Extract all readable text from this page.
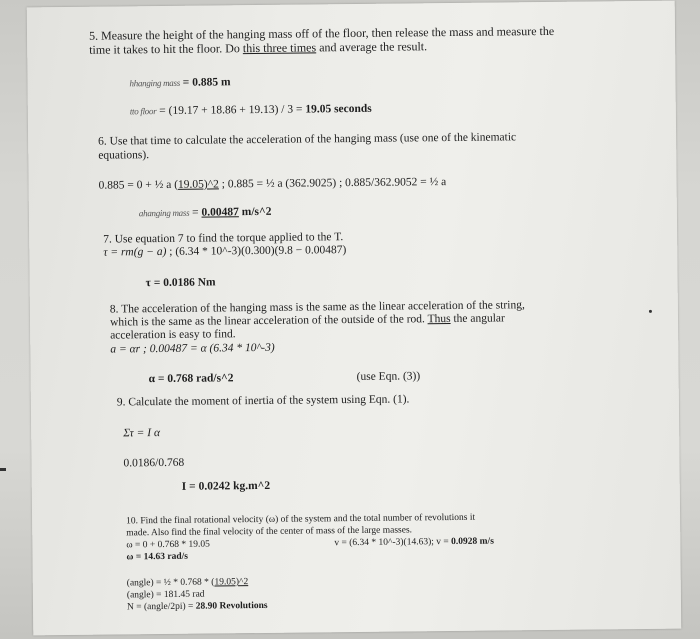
5. Measure the height of the hanging mass off of the floor, then release the mass and measure the
time it takes to hit the floor. Do this three times and average the result.
hhanging mass = 0.885 m
tto floor = (19.17 + 18.86 + 19.13) / 3 = 19.05 seconds
6. Use that time to calculate the acceleration of the hanging mass (use one of the kinematic
equations).
0.885 = 0 + ½ a (19.05)^2 ; 0.885 = ½ a (362.9025) ; 0.885/362.9052 = ½ a
ahanging mass = 0.00487 m/s^2
7. Use equation 7 to find the torque applied to the T.
τ = rm(g − a) ; (6.34 * 10^-3)(0.300)(9.8 − 0.00487)
τ = 0.0186 Nm
8. The acceleration of the hanging mass is the same as the linear acceleration of the string,
which is the same as the linear acceleration of the outside of the rod. Thus the angular
acceleration is easy to find.
a = αr ; 0.00487 = α (6.34 * 10^-3)
α = 0.768 rad/s^2	(use Eqn. (3))
9. Calculate the moment of inertia of the system using Eqn. (1).
Στ = I α
0.0186/0.768
I = 0.0242 kg.m^2
10. Find the final rotational velocity (ω) of the system and the total number of revolutions it
made. Also find the final velocity of the center of mass of the large masses.
ω = 0 + 0.768 * 19.05	v = (6.34 * 10^-3)(14.63); v = 0.0928 m/s
ω = 14.63 rad/s
(angle) = ½ * 0.768 * (19.05)^2
(angle) = 181.45 rad
N = (angle/2pi) = 28.90 Revolutions
